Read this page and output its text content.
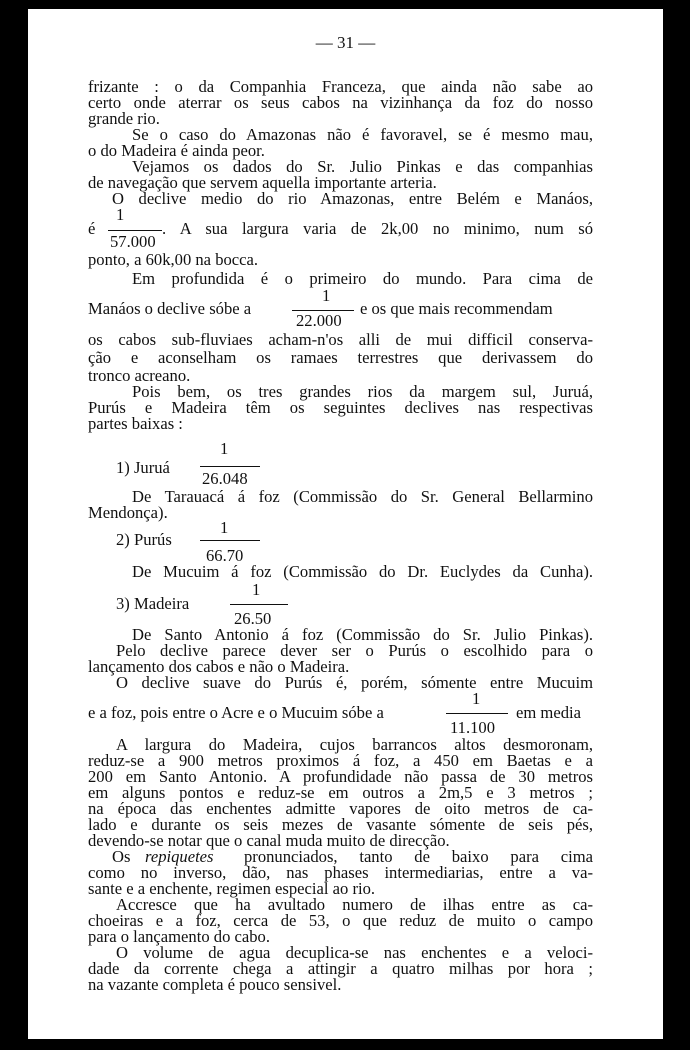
— 31 —
frizante : o da Companhia Franceza, que ainda não sabe ao
certo onde aterrar os seus cabos na vizinhança da foz do nosso
grande rio.
Se o caso do Amazonas não é favoravel, se é mesmo mau,
o do Madeira é ainda peor.
Vejamos os dados do Sr. Julio Pinkas e das companhias
de navegação que servem aquella importante arteria.
O declive medio do rio Amazonas, entre Belém e Manáos,
é
1
57.000
. A sua largura varia de 2k,00 no minimo, num só
ponto, a 60k,00 na bocca.
Em profundida é o primeiro do mundo. Para cima de
Manáos o declive sóbe a
1
22.000
e os que mais recommendam
os cabos sub-fluviaes acham-n'os alli de mui difficil conserva-
ção e aconselham os ramaes terrestres que derivassem do
tronco acreano.
Pois bem, os tres grandes rios da margem sul, Juruá,
Purús e Madeira têm os seguintes declives nas respectivas
partes baixas :
1
1) Juruá
26.048
De Tarauacá á foz (Commissão do Sr. General Bellarmino
Mendonça).
1
2) Purús
66.70
De Mucuim á foz (Commissão do Dr. Euclydes da Cunha).
1
3) Madeira
26.50
De Santo Antonio á foz (Commissão do Sr. Julio Pinkas).
Pelo declive parece dever ser o Purús o escolhido para o
lançamento dos cabos e não o Madeira.
O declive suave do Purús é, porém, sómente entre Mucuim
1
e a foz, pois entre o Acre e o Mucuim sóbe a
11.100
em media
A largura do Madeira, cujos barrancos altos desmoronam,
reduz-se a 900 metros proximos á foz, a 450 em Baetas e a
200 em Santo Antonio. A profundidade não passa de 30 metros
em alguns pontos e reduz-se em outros a 2m,5 e 3 metros ;
na época das enchentes admitte vapores de oito metros de ca-
lado e durante os seis mezes de vasante sómente de seis pés,
devendo-se notar que o canal muda muito de direcção.
Os repiquetes	pronunciados, tanto de baixo para cima
como no inverso, dão, nas phases intermediarias, entre a va-
sante e a enchente, regimen especial ao rio.
Accresce que ha avultado numero de ilhas entre as ca-
choeiras e a foz, cerca de 53, o que reduz de muito o campo
para o lançamento do cabo.
O volume de agua decuplica-se nas enchentes e a veloci-
dade da corrente chega a attingir a quatro milhas por hora ;
na vazante completa é pouco sensivel.
